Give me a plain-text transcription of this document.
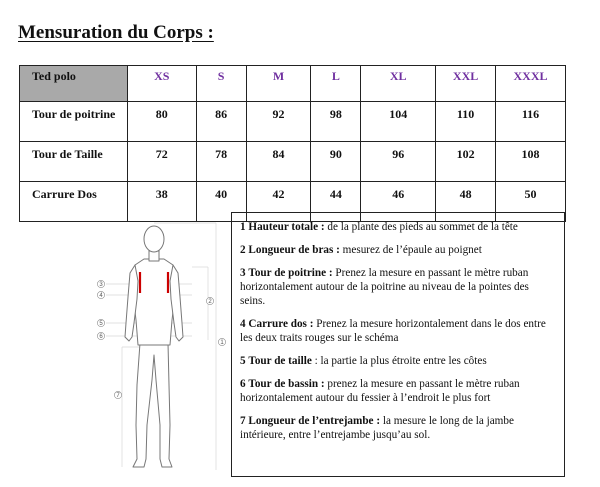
Mensuration du Corps :
Ted polo	XS	S	M	L	XL	XXL	XXXL
Tour de poitrine	80	86	92	98	104	110	116
Tour de Taille	72	78	84	90	96	102	108
Carrure Dos	38	40	42	44	46	48	50
3
4
5
6
7
2
1

1 Hauteur totale : de la plante des pieds au sommet de la tête

2 Longueur de bras : mesurez de l’épaule au poignet

3 Tour de poitrine : Prenez la mesure en passant le mètre ruban horizontalement autour de la poitrine au niveau de la pointes des seins.

4 Carrure dos : Prenez la mesure horizontalement dans le dos entre les deux traits rouges sur le schéma

5 Tour de taille : la partie la plus étroite entre les côtes

6 Tour de bassin : prenez la mesure en passant le mètre ruban horizontalement autour du fessier à l’endroit le plus fort

7 Longueur de l’entrejambe : la mesure le long de la jambe intérieure, entre l’entrejambe jusqu’au sol.
